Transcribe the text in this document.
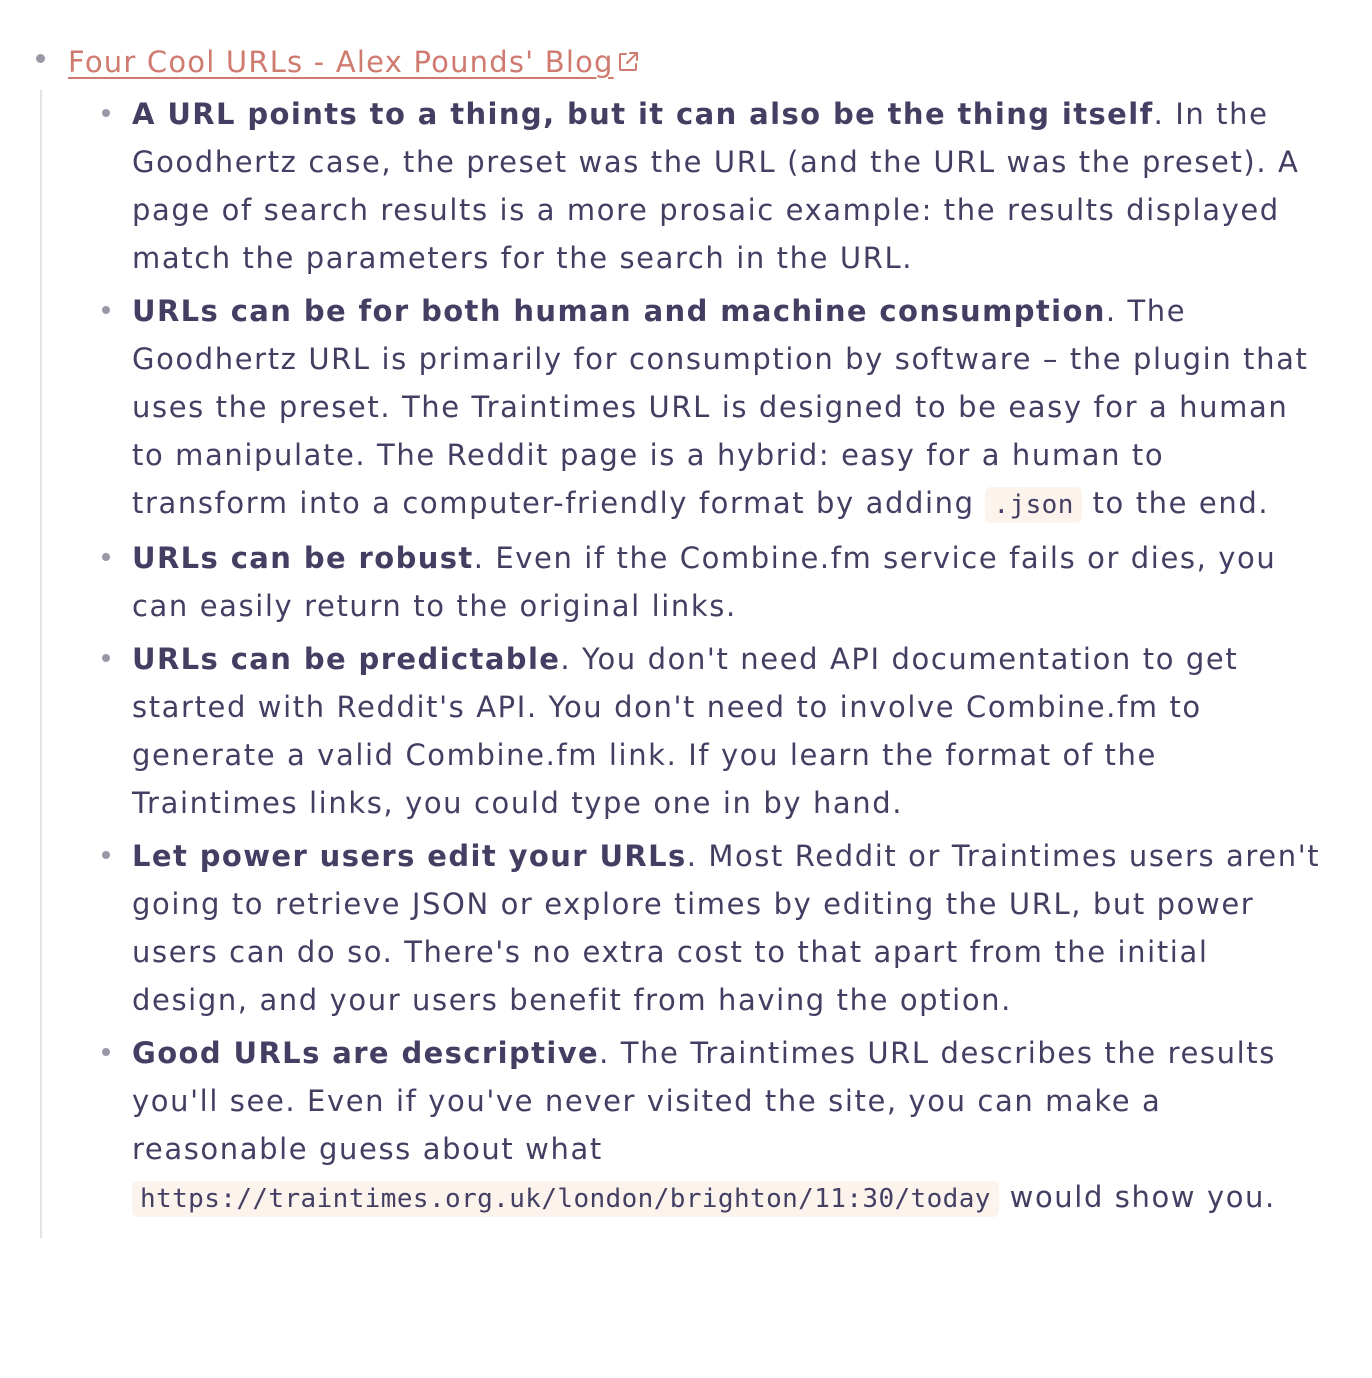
Four Cool URLs - Alex Pounds' Blog
A URL points to a thing, but it can also be the thing itself. In the Goodhertz case, the preset was the URL (and the URL was the preset). A page of search results is a more prosaic example: the results displayed match the parameters for the search in the URL.
URLs can be for both human and machine consumption. The Goodhertz URL is primarily for consumption by software – the plugin that uses the preset. The Traintimes URL is designed to be easy for a human to manipulate. The Reddit page is a hybrid: easy for a human to transform into a computer-friendly format by adding .json to the end.
URLs can be robust. Even if the Combine.fm service fails or dies, you can easily return to the original links.
URLs can be predictable. You don't need API documentation to get started with Reddit's API. You don't need to involve Combine.fm to generate a valid Combine.fm link. If you learn the format of the Traintimes links, you could type one in by hand.
Let power users edit your URLs. Most Reddit or Traintimes users aren't going to retrieve JSON or explore times by editing the URL, but power users can do so. There's no extra cost to that apart from the initial design, and your users benefit from having the option.
Good URLs are descriptive. The Traintimes URL describes the results you'll see. Even if you've never visited the site, you can make a reasonable guess about what https://traintimes.org.uk/london/brighton/11:30/today would show you.
